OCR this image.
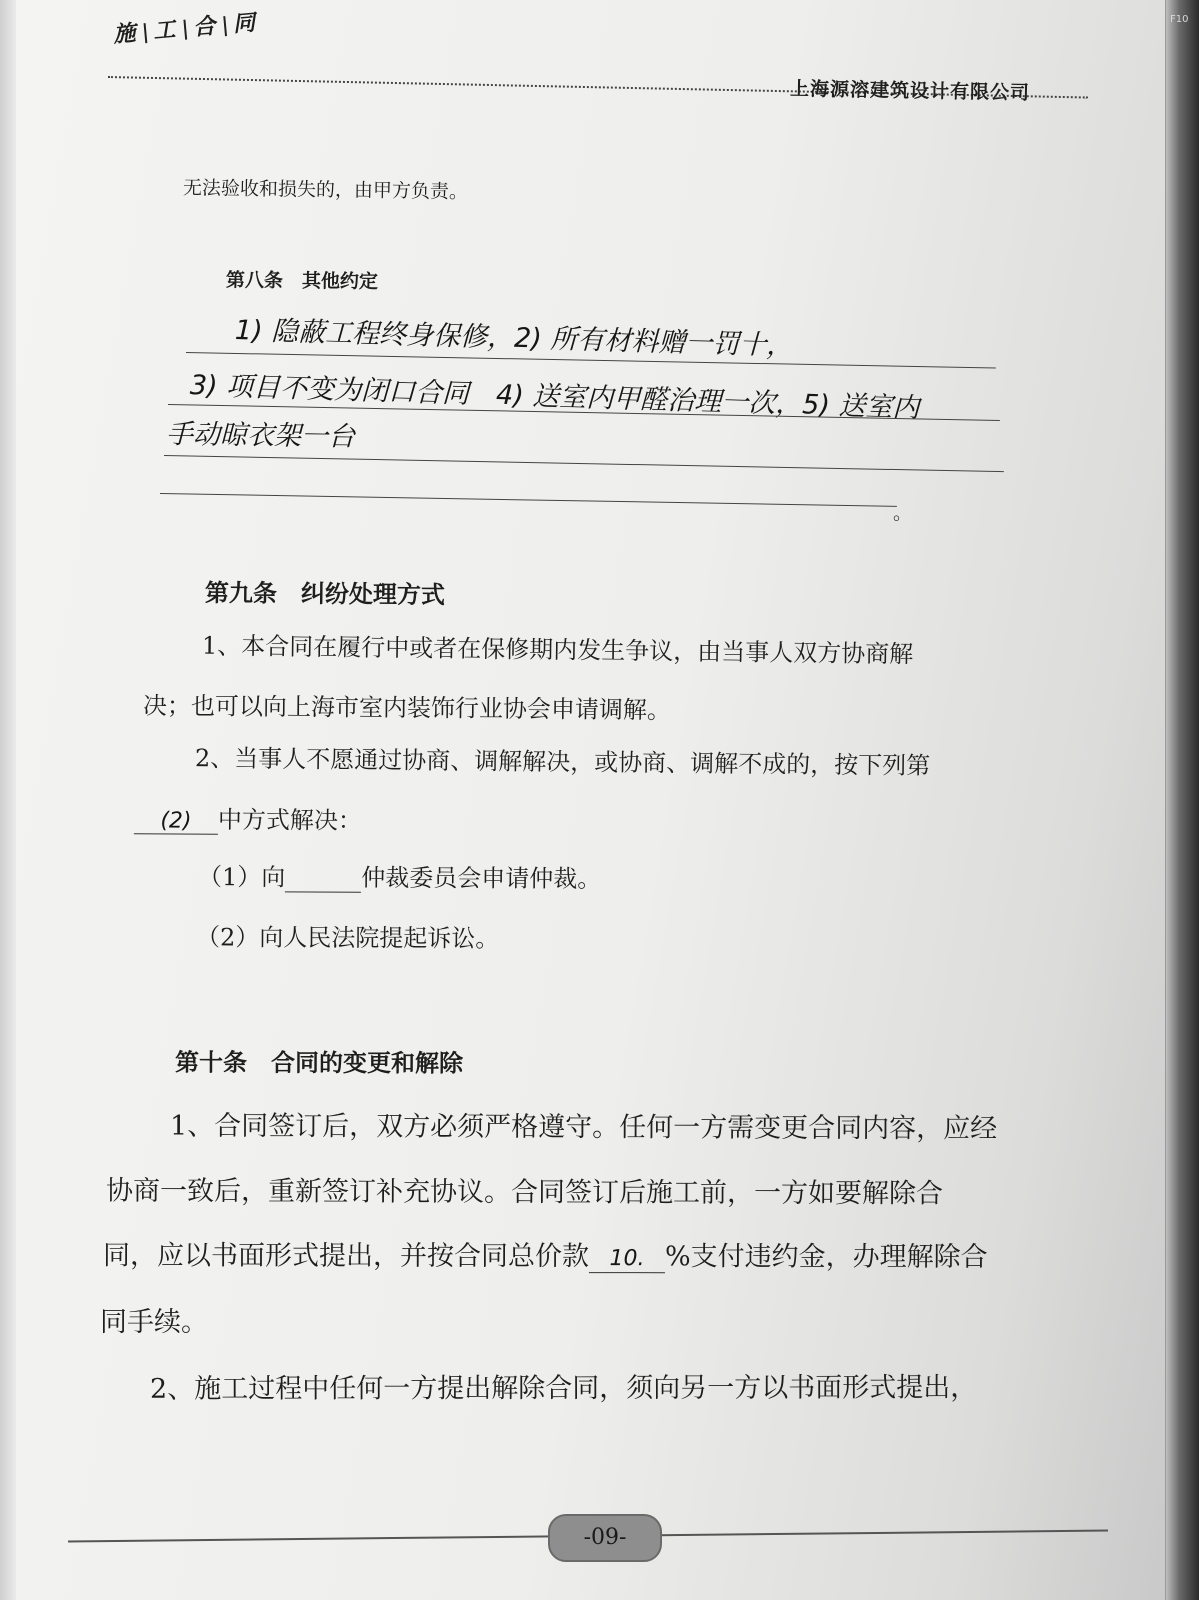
施 工 合 同
上海源溶建筑设计有限公司
无法验收和损失的，由甲方负责。
第八条　其他约定
1) 隐蔽工程终身保修，2) 所有材料赠一罚十，
3) 项目不变为闭口合同　4) 送室内甲醛治理一次，5) 送室内
手动晾衣架一台
。
第九条　纠纷处理方式
1、本合同在履行中或者在保修期内发生争议，由当事人双方协商解
决；也可以向上海市室内装饰行业协会申请调解。
2、当事人不愿通过协商、调解解决，或协商、调解不成的，按下列第
(2) 中方式解决：
（1）向	仲裁委员会申请仲裁。
（2）向人民法院提起诉讼。
第十条　合同的变更和解除
1、合同签订后，双方必须严格遵守。任何一方需变更合同内容，应经
协商一致后，重新签订补充协议。合同签订后施工前，一方如要解除合
同，应以书面形式提出，并按合同总价款 10. %支付违约金，办理解除合
同手续。
2、施工过程中任何一方提出解除合同，须向另一方以书面形式提出，
-09-
F10
